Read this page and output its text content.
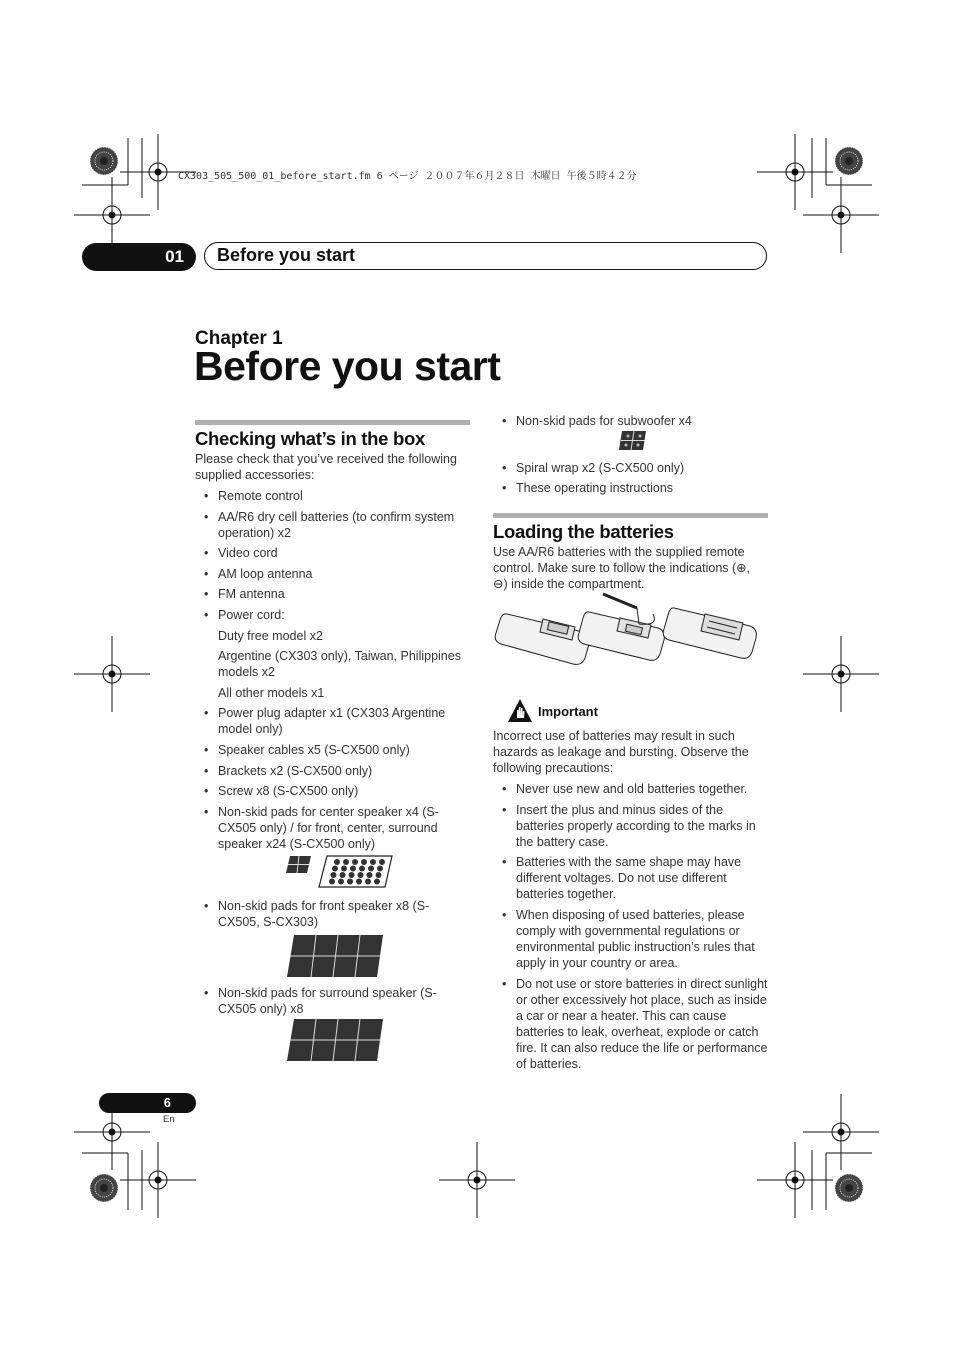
CX303_505_500_01_before_start.fm 6 ページ ２００７年６月２８日 木曜日 午後５時４２分
01	Before you start
Chapter 1
Before you start
Checking what’s in the box
Please check that you’ve received the following supplied accessories:
• Remote control
• AA/R6 dry cell batteries (to confirm system operation) x2
• Video cord
• AM loop antenna
• FM antenna
• Power cord:
Duty free model x2
Argentine (CX303 only), Taiwan, Philippines models x2
All other models x1
• Power plug adapter x1 (CX303 Argentine model only)
• Speaker cables x5 (S-CX500 only)
• Brackets x2 (S-CX500 only)
• Screw x8 (S-CX500 only)
• Non-skid pads for center speaker x4 (S-CX505 only) / for front, center, surround speaker x24 (S-CX500 only)
• Non-skid pads for front speaker x8 (S-CX505, S-CX303)
• Non-skid pads for surround speaker (S-CX505 only) x8
• Non-skid pads for subwoofer x4
• Spiral wrap x2 (S-CX500 only)
• These operating instructions
Loading the batteries
Use AA/R6 batteries with the supplied remote control. Make sure to follow the indications (⊕, ⊖) inside the compartment.
Important
Incorrect use of batteries may result in such hazards as leakage and bursting. Observe the following precautions:
• Never use new and old batteries together.
• Insert the plus and minus sides of the batteries properly according to the marks in the battery case.
• Batteries with the same shape may have different voltages. Do not use different batteries together.
• When disposing of used batteries, please comply with governmental regulations or environmental public instruction’s rules that apply in your country or area.
• Do not use or store batteries in direct sunlight or other excessively hot place, such as inside a car or near a heater. This can cause batteries to leak, overheat, explode or catch fire. It can also reduce the life or performance of batteries.
6
En
